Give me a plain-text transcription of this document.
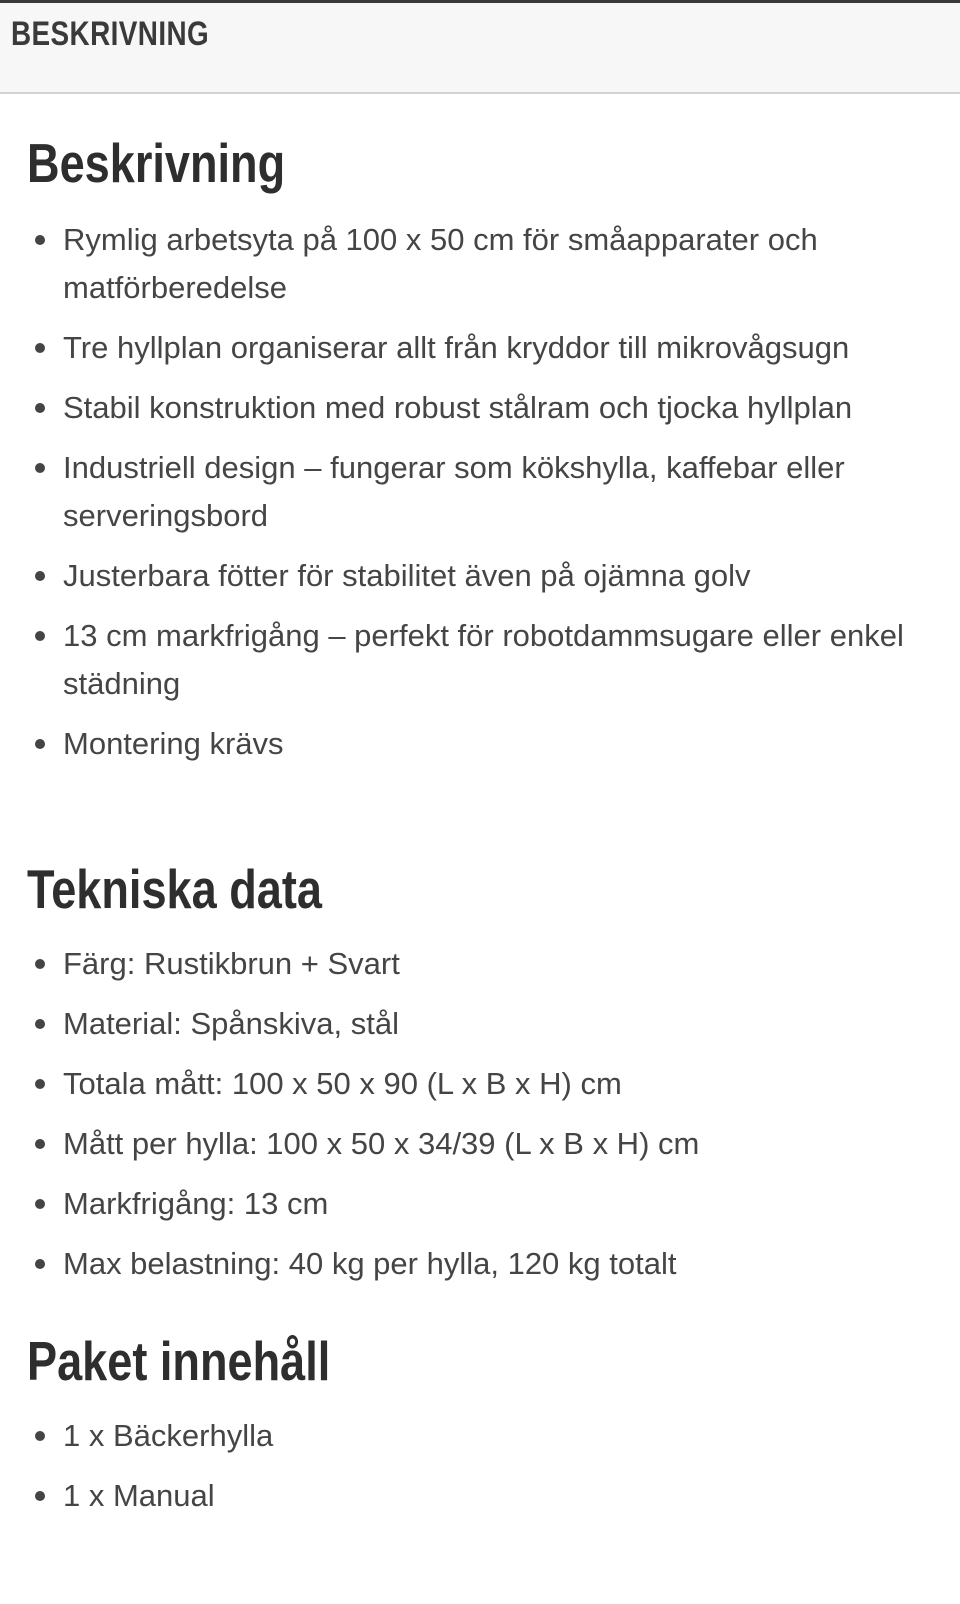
BESKRIVNING
Beskrivning
Rymlig arbetsyta på 100 x 50 cm för småapparater och matförberedelse
Tre hyllplan organiserar allt från kryddor till mikrovågsugn
Stabil konstruktion med robust stålram och tjocka hyllplan
Industriell design – fungerar som kökshylla, kaffebar eller serveringsbord
Justerbara fötter för stabilitet även på ojämna golv
13 cm markfrigång – perfekt för robotdammsugare eller enkel städning
Montering krävs
Tekniska data
Färg: Rustikbrun + Svart
Material: Spånskiva, stål
Totala mått: 100 x 50 x 90 (L x B x H) cm
Mått per hylla: 100 x 50 x 34/39 (L x B x H) cm
Markfrigång: 13 cm
Max belastning: 40 kg per hylla, 120 kg totalt
Paket innehåll
1 x Bäckerhylla
1 x Manual
